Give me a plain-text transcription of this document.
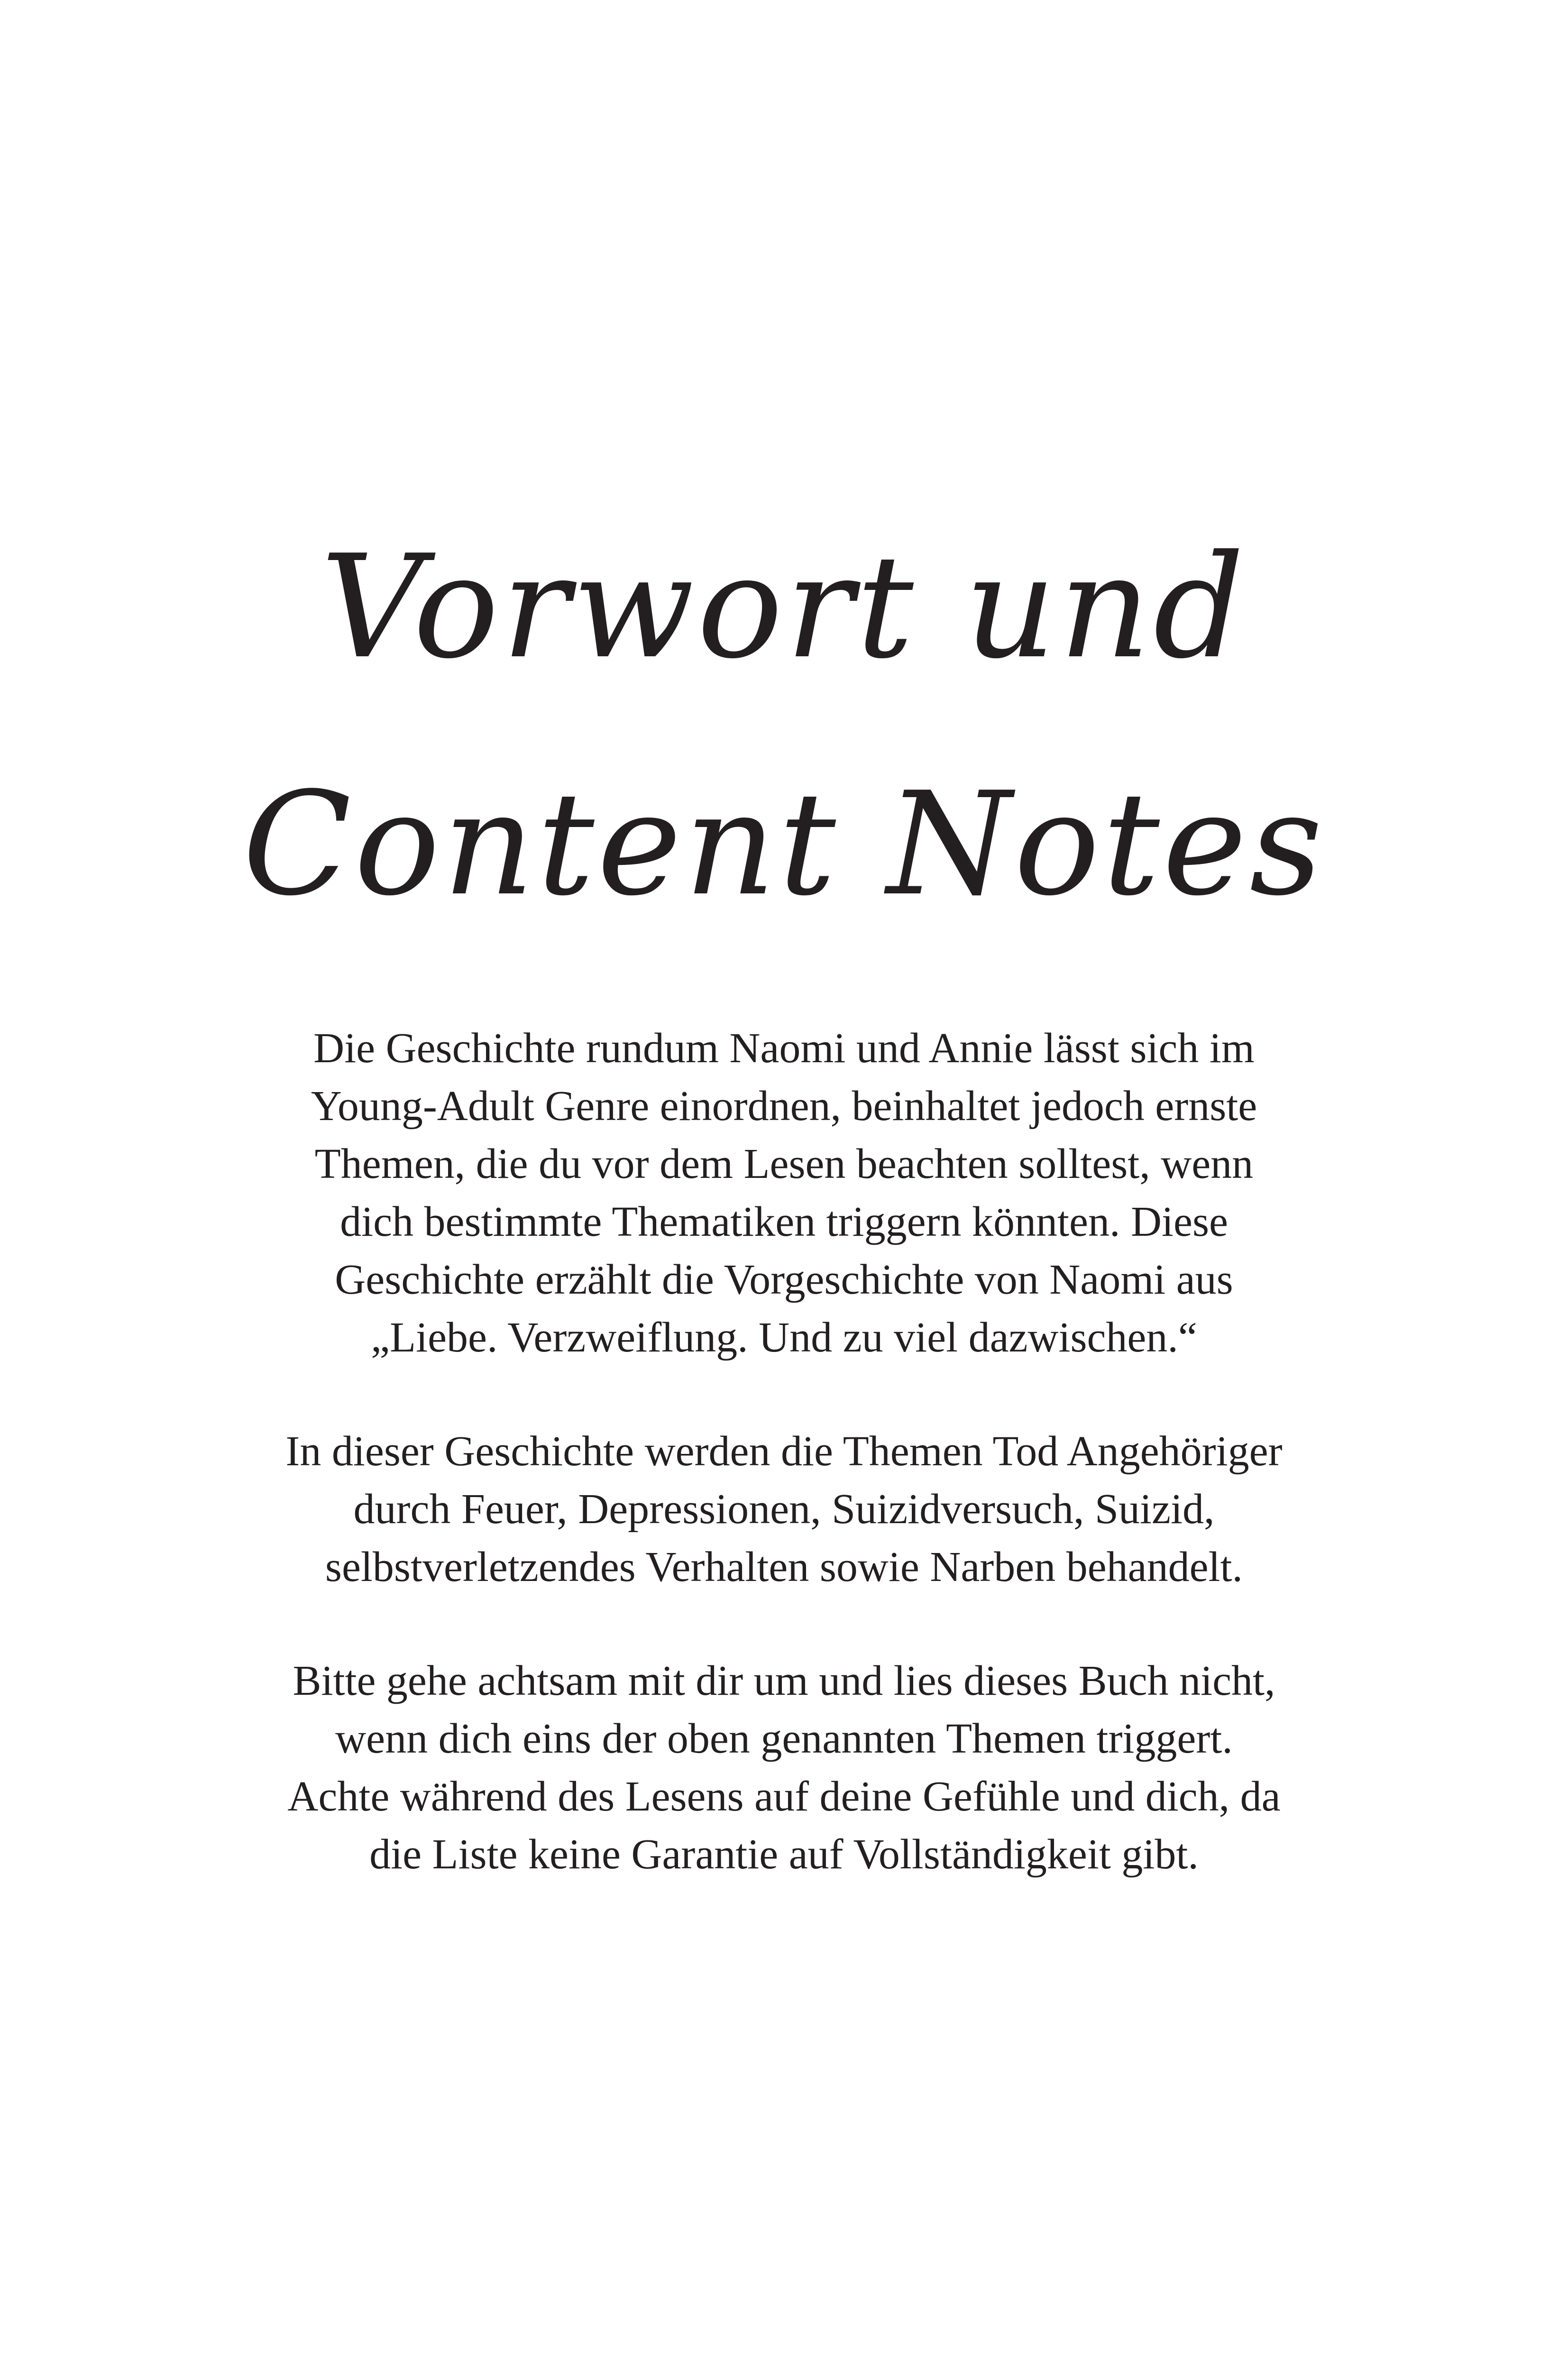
Vorwort und
Content Notes

Die Geschichte rundum Naomi und Annie lässt sich im
Young-Adult Genre einordnen, beinhaltet jedoch ernste
Themen, die du vor dem Lesen beachten solltest, wenn
dich bestimmte Thematiken triggern könnten. Diese
Geschichte erzählt die Vorgeschichte von Naomi aus
„Liebe. Verzweiflung. Und zu viel dazwischen.“

In dieser Geschichte werden die Themen Tod Angehöriger
durch Feuer, Depressionen, Suizidversuch, Suizid,
selbstverletzendes Verhalten sowie Narben behandelt.

Bitte gehe achtsam mit dir um und lies dieses Buch nicht,
wenn dich eins der oben genannten Themen triggert.
Achte während des Lesens auf deine Gefühle und dich, da
die Liste keine Garantie auf Vollständigkeit gibt.
